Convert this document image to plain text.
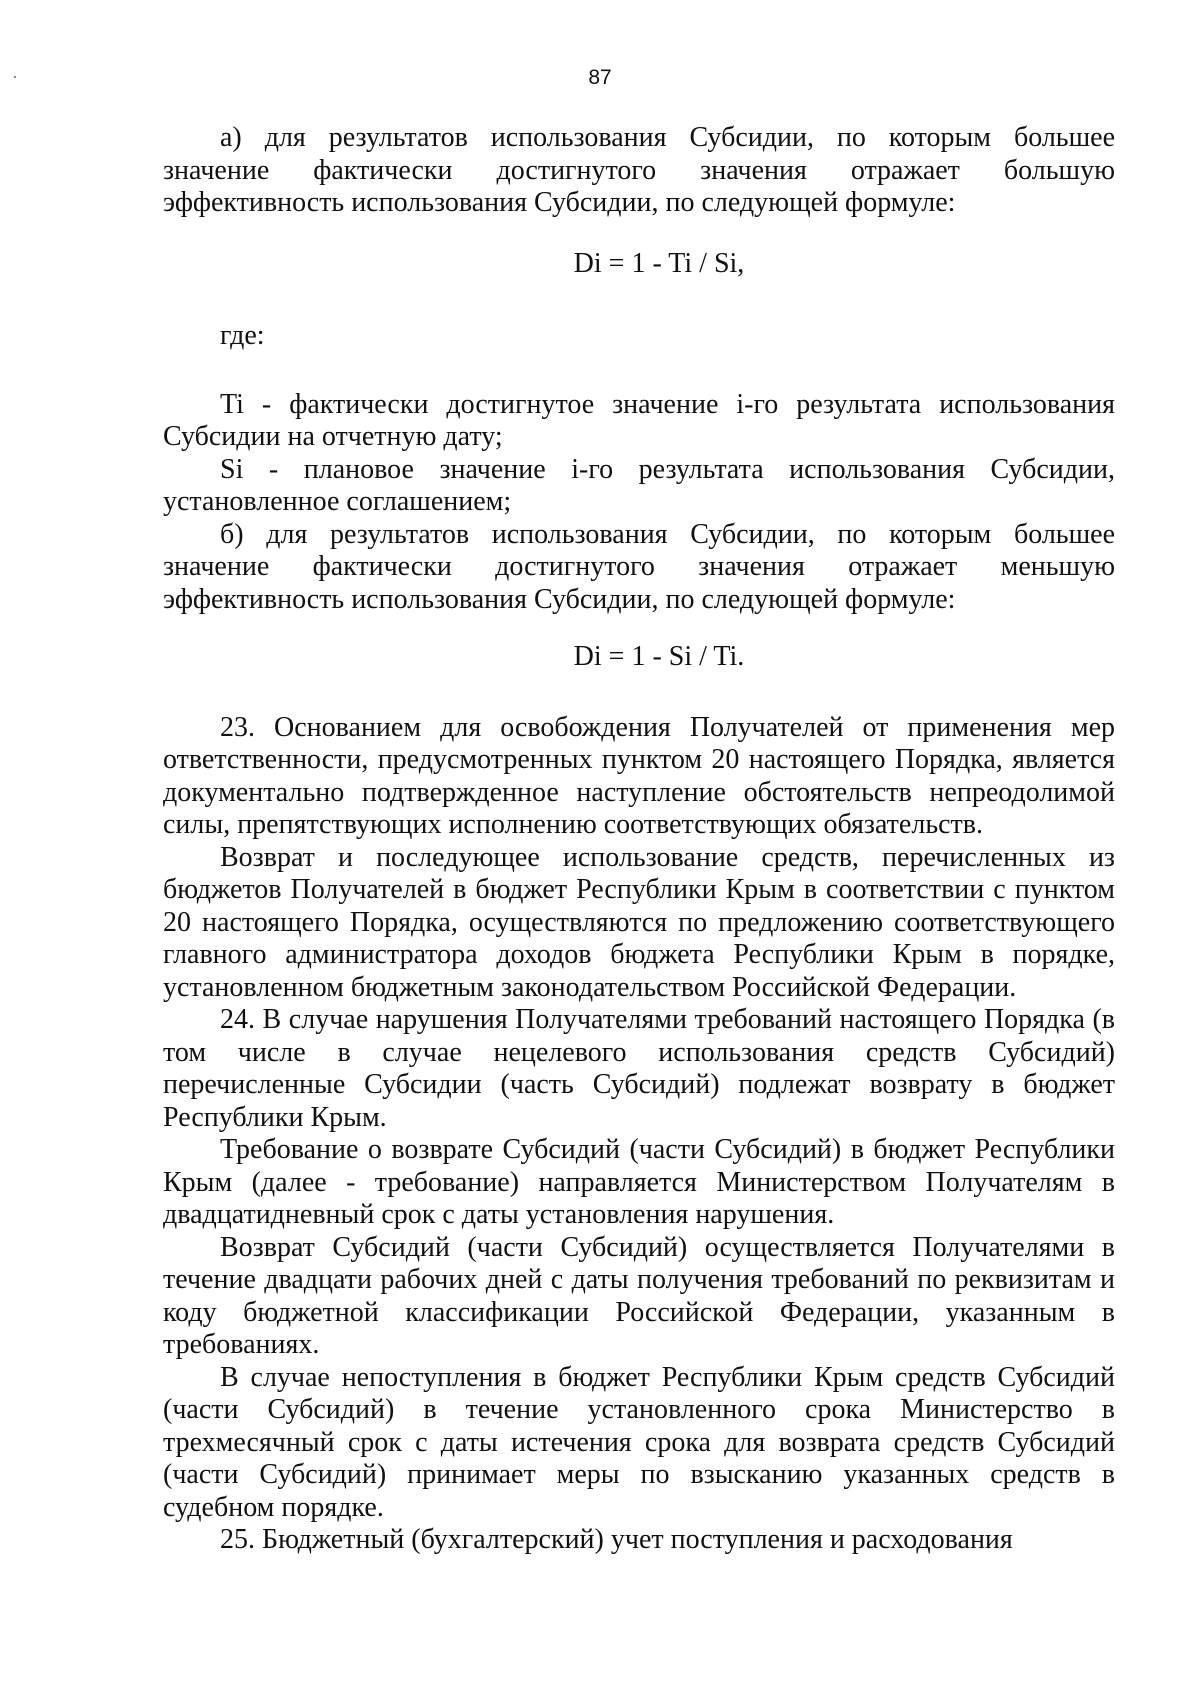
87

а) для результатов использования Субсидии, по которым большее значение фактически достигнутого значения отражает большую эффективность использования Субсидии, по следующей формуле:

Di = 1 - Ti / Si,

где:

Ti - фактически достигнутое значение i-го результата использования Субсидии на отчетную дату;

Si - плановое значение i-го результата использования Субсидии, установленное соглашением;

б) для результатов использования Субсидии, по которым большее значение фактически достигнутого значения отражает меньшую эффективность использования Субсидии, по следующей формуле:

Di = 1 - Si / Ti.

23. Основанием для освобождения Получателей от применения мер ответственности, предусмотренных пунктом 20 настоящего Порядка, является документально подтвержденное наступление обстоятельств непреодолимой силы, препятствующих исполнению соответствующих обязательств.

Возврат и последующее использование средств, перечисленных из бюджетов Получателей в бюджет Республики Крым в соответствии с пунктом 20 настоящего Порядка, осуществляются по предложению соответствующего главного администратора доходов бюджета Республики Крым в порядке, установленном бюджетным законодательством Российской Федерации.

24. В случае нарушения Получателями требований настоящего Порядка (в том числе в случае нецелевого использования средств Субсидий) перечисленные Субсидии (часть Субсидий) подлежат возврату в бюджет Республики Крым.

Требование о возврате Субсидий (части Субсидий) в бюджет Республики Крым (далее - требование) направляется Министерством Получателям в двадцатидневный срок с даты установления нарушения.

Возврат Субсидий (части Субсидий) осуществляется Получателями в течение двадцати рабочих дней с даты получения требований по реквизитам и коду бюджетной классификации Российской Федерации, указанным в требованиях.

В случае непоступления в бюджет Республики Крым средств Субсидий (части Субсидий) в течение установленного срока Министерство в трехмесячный срок с даты истечения срока для возврата средств Субсидий (части Субсидий) принимает меры по взысканию указанных средств в судебном порядке.

25. Бюджетный (бухгалтерский) учет поступления и расходования
